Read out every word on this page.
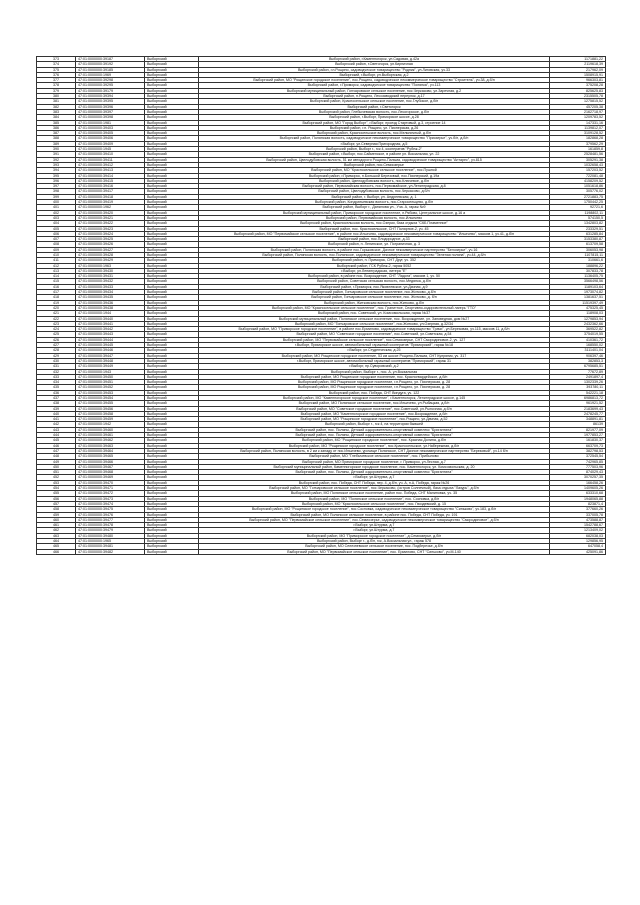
373	47:01:0000000:39187	Выборгский	Выборгский район, г.Каменногорск, ул.Садовая, д.42а	1171881,22
374	47:01:0000000:39192	Выборгский	Выборгский район, г.Светогорск, ул.Кирпичная	2119618,39
375	47:01:0000000:39185	Выборгский	Выборгский район, г.п.Рощино, садоводческое товарищество "Родник", ул.Лиговская, уч.33	217962,09
376	47:01:0000000:1969	Выборгский	Выборгский, г.Выборг, ул.Выборгская, д.2	1508915,91
377	47:01:0000000:39298	Выборгский	Выборгский район, МО "Рощинское городское поселение", пос.Рощино, садоводческое некоммерческое товарищество "Строитель", уч.38, д.б/н	966303,81
378	47:01:0000000:39295	Выборгский	Выборгский район, г.Приморск, садоводческое товарищество "Полянка", уч.113	375208,28
379	47:01:0000000:39179	Выборгский	Выборгский муниципальный район, Гончаровское сельское поселение, пос.Черкасово, ул.Заречная, д.2	825625,83
380	47:01:0000000:39394	Выборгский	Выборгский район, п.Рощино, Лесозаводский переулок, д.17	2315505,78
381	47:01:0000000:39395	Выборгский	Выборгский район, Красносельское сельское поселение, пос.Глубокое, д.б/н	1275815,52
382	47:01:0000000:39396	Выборгский	Выборгский район, г.Светогорск	457205,38
383	47:01:0000000:39397	Выборгский	Выборгский район, Глебычевская волость, пос.Лесогорское, д.б/н	2162718,97
384	47:01:0000000:39398	Выборгский	Выборгский район, г.Выборг, Приморское шоссе, д.28	1209783,52
385	47:01:0000000:1981	Выборгский	Выборгский район, МО "Город Выборг", г.Выборг, проезд Стартовый, д.3, строение 14	147331,16
386	47:01:0000000:39403	Выборгский	Выборгский район, г.п. Рощино, ул. Пионерская, д.26	1139812,07
387	47:01:0000000:39405	Выборгский	Выборгский район, Красносельское волость, пос.Мельничный, д.б/н	3109128,52
388	47:01:0000000:39406	Выборгский	Выборгский район, Полянская волость, садоводческое некоммерческое товарищество "Приозерье", уч.б/н, д.б/н	182868,28
389	47:01:0000000:39409	Выборгский	г.Выборг, ул.Северная Пригородная, д.5	379562,29
390	47:01:0000000:1945	Выборгский	Выборгский район, Выборг г., гск 4, кооператив "Рубеж-2"	161859,8
391	47:01:0000000:39410	Выборгский	Выборгский район, г.Выборг, пос.Сайменское, в районе ул. Вокзальная, ул. 22	2528481,56
392	47:01:0000000:39411	Выборгский	Выборгский район, Цвелодубовская волость, 51 км автодороги Рощино-Пальма, садоводческое товарищество "Антарес", уч.815	305291,38
393	47:01:0000000:39412	Выборгский	Выборгский район, пос.Семиозерье	1032658,43
394	47:01:0000000:39413	Выборгский	Выборгский район, МО "Красносельское сельское поселение", пос.Пушной	157203,52
395	47:01:0000000:39414	Выборгский	Выборгский район, г.Приморск, п.Большой Березовый, пос.Пионерский, д.19а	722081,48
396	47:01:0000000:39415	Выборгский	Выборгский район, Цвелодубовская волость, пос.Ключевое, д.б/н	4158209,52
397	47:01:0000000:39416	Выборгский	Выборгский район, Первомайская волость, пос.Первомайское, ул.Ленинградская, д.8	1051618,86
398	47:01:0000000:39417	Выборгский	Выборгский район, Цвелодубовская волость, пос.Черкасово, д.б/н	305776,02
399	47:01:0000000:39418	Выборгский	Выборгский район, г. Выборг, ул. Андреевская, д. 1	2721883,75
400	47:01:0000000:39419	Выборгский	Выборгский район, Кондратьевская волость, пос.Старосельцево, д.б/н	1750442,25
401	47:01:0000000:1962	Выборгский	Выборгский район, Выборг г., Данилова ул., Уча. А, гараж №9	92721,6
402	47:01:0000000:39420	Выборгский	Выборгский муниципальный район, Приморское городское поселение, п.Рябово, Центральное шоссе, д.16 а	1198802,11
403	47:01:0000000:39421	Выборгский	Выборгский район, Первомайская волость, пос.Ильичево	574150,5
404	47:01:0000000:39422	Выборгский	Выборгский район, Красносельская волость, пос.Озерки, база отдыха "СКБ Пламенное"	1342803,82
405	47:01:0000000:39423	Выборгский	Выборгский район, пос. Красносельское, СНТ Полярное-2, уч. 45	233329,51
406	47:01:0000000:39424	Выборгский	Выборгский район, МО "Первомайское сельское поселение", в районе пос.Ильичево, садоводческое некоммерческое товарищество "Ильичево", массив 1, уч.41, д.б/н	631285,84
407	47:01:0000000:39425	Выборгский	Выборгский район, пос.Плодородное, д.33	3153380,87
408	47:01:0000000:39426	Выборгский	Выборгский район, п. Ленинское, ул. Пограничная, д. 3	613709,58
409	47:01:0000000:39427	Выборгский	Выборгский район, Полянская волость, в районе пос.Горьковское, Дачное некоммерческое партнерство "Белозерье", уч.16	306053,98
410	47:01:0000000:39428	Выборгский	Выборгский район, Полянская волость, пос.Полянское, садоводческое некоммерческое товарищество "Зеленая поляна", уч.44, д.б/н	1107815,11
411	47:01:0000000:39429	Выборгский	Выборгский район, п. Приморск, СНТ Друг, уч. 352	310661,6
412	47:01:0000000:1963	Выборгский	Выборгский район, ГСК Рубеж-2, гараж 5052	188896,22
413	47:01:0000000:39430	Выборгский	г.Выборг, ул.Ленинградская, литера "Е"	307833,78
414	47:01:0000000:39431	Выборгский	Выборгский район, в районе пос. Возрождение, СНТ "Ладога", массив 1, уч. 50	1136405,75
415	47:01:0000000:39432	Выборгский	Выборгский район, Советская сельская волость, пос.Медянка, д.б/н	3566498,56
416	47:01:0000000:39433	Выборгский	Выборгский район, г.Приморск, пос.Яковлевское, ул.Дачная, д.9	1189103,64
417	47:01:0000000:39434	Выборгский	Выборгский район, Гончаровское сельское поселение, пос.Житково, д.б/н	1973074,82
418	47:01:0000000:39435	Выборгский	Выборгский район, Гончаровское сельское поселение, пос. Житково, д. б/н	1381637,51
419	47:01:0000000:39436	Выборгский	Выборгский район, Житковская волость, пос.Житково, д.б/н	11519397,49
420	47:01:0000000:39438	Выборгский	Выборгский район, МО "Красносельское сельское поселение", пос. Гранитное, Спортивно-оздоровительный лагерь "ГТО"	475325,45
421	47:01:0000000:1944	Выборгский	Выборгский район, пос. Советский, ул. Комсомольская, гараж №37	118908,03
422	47:01:0000000:39440	Выборгский	Выборгский муниципальный район, Полянское сельское поселение, пос. Возрождение, ул. Заповедная, дом №27	1279853,94
423	47:01:0000000:39441	Выборгский	Выборгский район, МО "Гончаровское сельское поселение", пос.Житково, ул.Озерная, д.32/34	2432362,66
424	47:01:0000000:39442	Выборгский	Выборгский район, МО "Приморское городское поселение", в районе пос.Ермилово, садоводческое товарищество "Грачи", ул.Березовая, уч.115, массив 11, д.б/н	369522,82
425	47:01:0000000:39443	Выборгский	Выборгский район, МО "Советское городское поселение", пос.Советский, ул.Советская, д.54	3754019,55
426	47:01:0000000:39444	Выборгский	Выборгский район, МО "Первомайское сельское поселение", пос.Семиозерье, СНТ Смородиновое-2, уч. 127	410361,72
427	47:01:0000000:39445	Выборгский	г.Выборг, Приморское шоссе, автомобильный гаражный кооператив "Приморский", гараж №18	168550,02
428	47:01:0000000:39446	Выборгский	г.Выборг, ул.Студенческая, д.25	3111401,04
429	47:01:0000000:39447	Выборгский	Выборгский район, МО Рощинское городское поселение, 53 км шоссе Рощино-Пальма, СНТ Купряник, уч. 317	906397,46
430	47:01:0000000:39448	Выборгский	г.Выборг, Приморское шоссе, автомобильный гаражный кооператив "Приморский", гараж 31	382853,3
431	47:01:0000000:39449	Выборгский	г.Выборг, пр.Суворовский, д.2	6795685,51
432	47:01:0000000:1943	Выборгский	Выборгский район, Выборг г., пос. А, ул.Вокзальная	77672,89
433	47:01:0000000:39450	Выборгский	Выборгский район, МО Рощинское городское поселение, пос. Красногвардейское, д.б/н	2491897,4
434	47:01:0000000:39451	Выборгский	Выборгский район, МО Рощинское городское поселение, г.п.Рощино, ул. Пионерская, д. 28	1302339,26
435	47:01:0000000:39452	Выборгский	Выборгский район, МО Рощинское городское поселение, г.п.Рощино, ул. Пионерская, д. 28	393780,11
436	47:01:0000000:39453	Выборгский	Выборгский район, пос. Победа, СНТ Виндуга, уч. 122	542221,18
437	47:01:0000000:39454	Выборгский	Выборгский район, МО "Каменногорское городское поселение", г.Каменногорск, Ленинградское шоссе, д.145	6986813,72
438	47:01:0000000:39455	Выборгский	Выборгский район, МО Полянское сельское поселение, пос.Ильичево, ул.Рыбацкая, д.б/н	961921,52
439	47:01:0000000:39456	Выборгский	Выборгский район, МО "Советское городское поселение", пос.Советский, ул.Рыночная, д.б/н	2183699,43
440	47:01:0000000:39458	Выборгский	Выборгский район, МО "Каменногорское городское поселение", пос.Возрождение, д.б/н	2478245,77
441	47:01:0000000:39459	Выборгский	Выборгский район, МО "Рощинское городское поселение", пос.Рощино, ул.Дачная, д.52	348891,81
442	47:01:0000000:1942	Выборгский	Выборгский район, Выборг г., гск 4, на территории бывшей	86139
443	47:01:0000000:39460	Выборгский	Выборгский район, пос. Поляны, Детский оздоровительно-спортивный комплекс "Бригантина"	821977,09
444	47:01:0000000:39461	Выборгский	Выборгский район, пос. Поляны, Детский оздоровительно-спортивный комплекс "Бригантина"	1977853,27
445	47:01:0000000:39462	Выборгский	Выборгский район, МО "Рощинское городское поселение", пос. Красная Долина, д.б/н	161830,37
446	47:01:0000000:39463	Выборгский	Выборгский район, МО "Рощинское городское поселение", пос.Красносельское, ул.Набережная, д.б/н	663709,73
447	47:01:0000000:39464	Выборгский	Выборгский район, Полянская волость, в 2 км к западу от пос.Ильичево, урочище Полянское, СНТ Дачное некоммерческое партнерство "Березовый", уч.14 б/н	382798,53
448	47:01:0000000:39465	Выборгский	Выборгский район, МО "Глебычевское сельское поселение", пос. Прибылово	372545,54
449	47:01:0000000:39466	Выборгский	Выборгский район, МО Приморское городское поселение, г. Приморск, ул.Лесная, д.7	742965,85
450	47:01:0000000:39467	Выборгский	Выборгский муниципальный район, Каменногорское городское поселение, пос. Каменногорск, ул. Комсомольская, д. 20	777503,96
451	47:01:0000000:39468	Выборгский	Выборгский район, пос. Поляны, Детский оздоровительно-спортивный комплекс "Бригантина"	874029,43
452	47:01:0000000:39469	Выборгский	г.Выборг, ул.Штурма, д.7	3070257,35
453	47:01:0000000:39470	Выборгский	Выборгский район, пос. Победа, СНТ Победа, пер. 4, д.б/н, уч. А, п.А, Победа, гараж №26	166458,26
454	47:01:0000000:39471	Выборгский	Выборгский район, МО "Гончаровское сельское поселение", пос.Черкасово, (остров Солнечный), база отдыха "Лазурь", д.б/н	1409605,26
455	47:01:0000000:39472	Выборгский	Выборгский район, МО Полянское сельское поселение, район пос. Победа, СНТ Малиновка, уч. 35	633310,68
456	47:01:0000000:39473	Выборгский	Выборгский район, МО "Полянское сельское поселение", пос. Сосновка, д.б/н	1948065,88
457	47:01:0000000:39474	Выборгский	Выборгский район, МО "Красносельское сельское поселение", пос. Гвоздевский, д. 15	823871,4
458	47:01:0000000:39475	Выборгский	Выборгский район, МО "Рощинское городское поселение", пос.Сосновка, садоводческое некоммерческое товарищество "Синьково", уч.183, д.б/н	377660,26
459	47:01:0000000:39476	Выборгский	Выборгский район, МО Полянское сельское поселение, в районе пос. Победа, СНТ Победа, уч. 191	337005,78
460	47:01:0000000:39477	Выборгский	Выборгский район, МО "Первомайское сельское поселение", пос.Семиозерье, садоводческое некоммерческое товарищество "Смородиновое", д.б/н	473588,87
461	47:01:0000000:39478	Выборгский	г.Выборг, ул.Штурма, д.7	1542788,67
462	47:01:0000000:39479	Выборгский	г.Выборг, ул.Штурма, д.7	1213409,02
463	47:01:0000000:39480	Выборгский	Выборгский район, МО "Приморское городское поселение", д.Семиозерье, д.б/н	682038,03
464	47:01:0000000:1965	Выборгский	Выборгский район, Выборг г., д.б/н, гск, А.Вокзальная ул., гараж 578	129856,95
465	47:01:0000000:39481	Выборгский	Выборгский район, МО Селезневское сельское поселение, пос. Подберезье, д.б/н	647058,4
466	47:01:0000000:39482	Выборгский	Выборгский район, МО "Первомайское сельское поселение", пос. Ермилово, СНТ "Синьково", уч.М-140	425091,86
